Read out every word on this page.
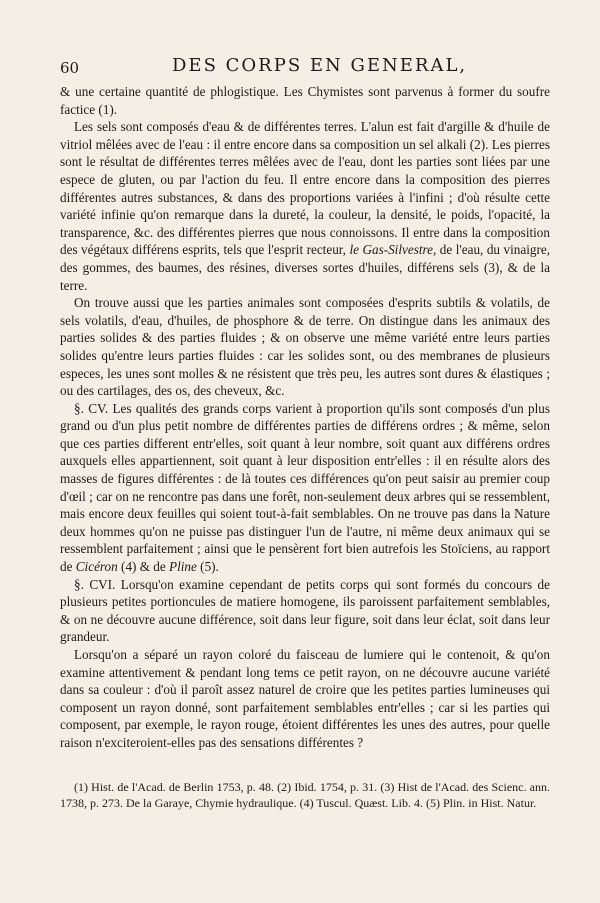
60	DES CORPS EN GENERAL,

& une certaine quantité de phlogistique. Les Chymistes sont parvenus à former du soufre factice (1).

Les sels sont composés d'eau & de différentes terres. L'alun est fait d'argille & d'huile de vitriol mêlées avec de l'eau : il entre encore dans sa composition un sel alkali (2). Les pierres sont le résultat de différentes terres mêlées avec de l'eau, dont les parties sont liées par une espece de gluten, ou par l'action du feu. Il entre encore dans la composition des pierres différentes autres substances, & dans des proportions variées à l'infini ; d'où résulte cette variété infinie qu'on remarque dans la dureté, la couleur, la densité, le poids, l'opacité, la transparence, &c. des différentes pierres que nous connoissons. Il entre dans la composition des végétaux différens esprits, tels que l'esprit recteur, le Gas-Silvestre, de l'eau, du vinaigre, des gommes, des baumes, des résines, diverses sortes d'huiles, différens sels (3), & de la terre.

On trouve aussi que les parties animales sont composées d'esprits subtils & volatils, de sels volatils, d'eau, d'huiles, de phosphore & de terre. On distingue dans les animaux des parties solides & des parties fluides ; & on observe une même variété entre leurs parties solides qu'entre leurs parties fluides : car les solides sont, ou des membranes de plusieurs especes, les unes sont molles & ne résistent que très peu, les autres sont dures & élastiques ; ou des cartilages, des os, des cheveux, &c.

§. CV. Les qualités des grands corps varient à proportion qu'ils sont composés d'un plus grand ou d'un plus petit nombre de différentes parties de différens ordres ; & même, selon que ces parties different entr'elles, soit quant à leur nombre, soit quant aux différens ordres auxquels elles appartiennent, soit quant à leur disposition entr'elles : il en résulte alors des masses de figures différentes : de là toutes ces différences qu'on peut saisir au premier coup d'œil ; car on ne rencontre pas dans une forêt, non-seulement deux arbres qui se ressemblent, mais encore deux feuilles qui soient tout-à-fait semblables. On ne trouve pas dans la Nature deux hommes qu'on ne puisse pas distinguer l'un de l'autre, ni même deux animaux qui se ressemblent parfaitement ; ainsi que le pensèrent fort bien autrefois les Stoïciens, au rapport de Cicéron (4) & de Pline (5).

§. CVI. Lorsqu'on examine cependant de petits corps qui sont formés du concours de plusieurs petites portioncules de matiere homogene, ils paroissent parfaitement semblables, & on ne découvre aucune différence, soit dans leur figure, soit dans leur éclat, soit dans leur grandeur.

Lorsqu'on a séparé un rayon coloré du faisceau de lumiere qui le contenoit, & qu'on examine attentivement & pendant long tems ce petit rayon, on ne découvre aucune variété dans sa couleur : d'où il paroît assez naturel de croire que les petites parties lumineuses qui composent un rayon donné, sont parfaitement semblables entr'elles ; car si les parties qui composent, par exemple, le rayon rouge, étoient différentes les unes des autres, pour quelle raison n'exciteroient-elles pas des sensations différentes ?

(1) Hist. de l'Acad. de Berlin 1753, p. 48. (2) Ibid. 1754, p. 31. (3) Hist de l'Acad. des Scienc. ann. 1738, p. 273. De la Garaye, Chymie hydraulique. (4) Tuscul. Quæst. Lib. 4. (5) Plin. in Hist. Natur.
